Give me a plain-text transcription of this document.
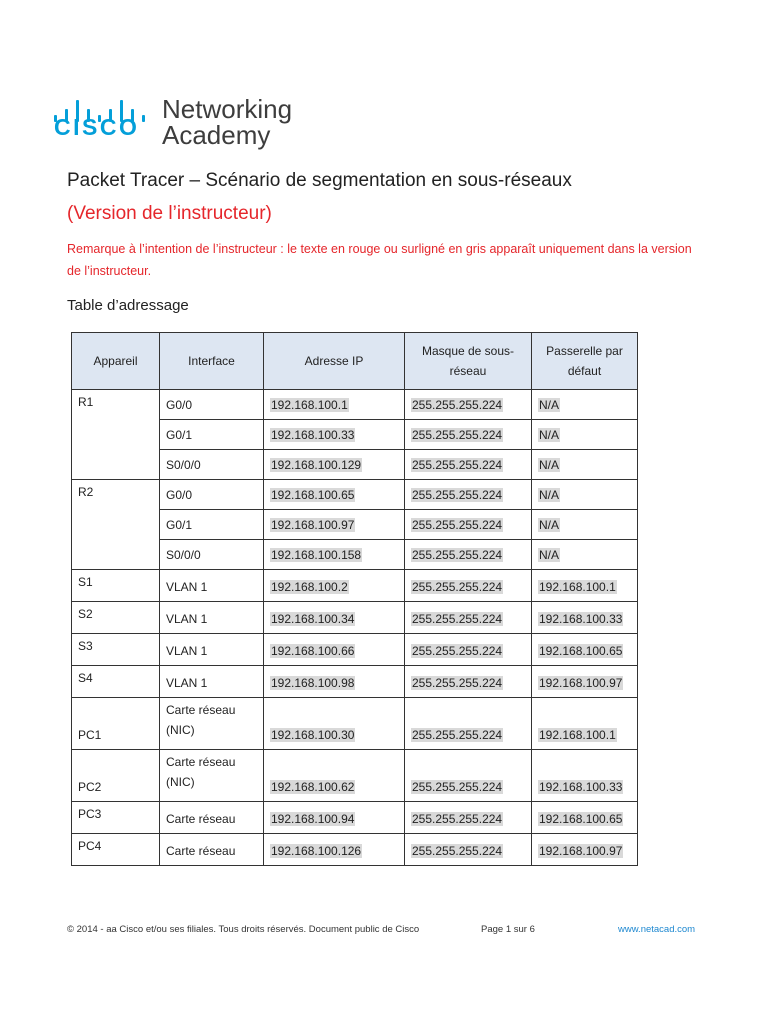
CISCO
Networking
Academy
Packet Tracer – Scénario de segmentation en sous-réseaux
(Version de l’instructeur)
Remarque à l’intention de l’instructeur : le texte en rouge ou surligné en gris apparaît uniquement dans la version de l’instructeur.
Table d’adressage
Appareil	Interface	Adresse IP	Masque de sous-réseau	Passerelle par défaut
R1	G0/0	192.168.100.1	255.255.255.224	N/A
	G0/1	192.168.100.33	255.255.255.224	N/A
	S0/0/0	192.168.100.129	255.255.255.224	N/A
R2	G0/0	192.168.100.65	255.255.255.224	N/A
	G0/1	192.168.100.97	255.255.255.224	N/A
	S0/0/0	192.168.100.158	255.255.255.224	N/A
S1	VLAN 1	192.168.100.2	255.255.255.224	192.168.100.1
S2	VLAN 1	192.168.100.34	255.255.255.224	192.168.100.33
S3	VLAN 1	192.168.100.66	255.255.255.224	192.168.100.65
S4	VLAN 1	192.168.100.98	255.255.255.224	192.168.100.97
PC1	Carte réseau (NIC)	192.168.100.30	255.255.255.224	192.168.100.1
PC2	Carte réseau (NIC)	192.168.100.62	255.255.255.224	192.168.100.33
PC3	Carte réseau	192.168.100.94	255.255.255.224	192.168.100.65
PC4	Carte réseau	192.168.100.126	255.255.255.224	192.168.100.97
© 2014 - aa Cisco et/ou ses filiales. Tous droits réservés. Document public de Cisco	Page 1 sur 6	www.netacad.com
